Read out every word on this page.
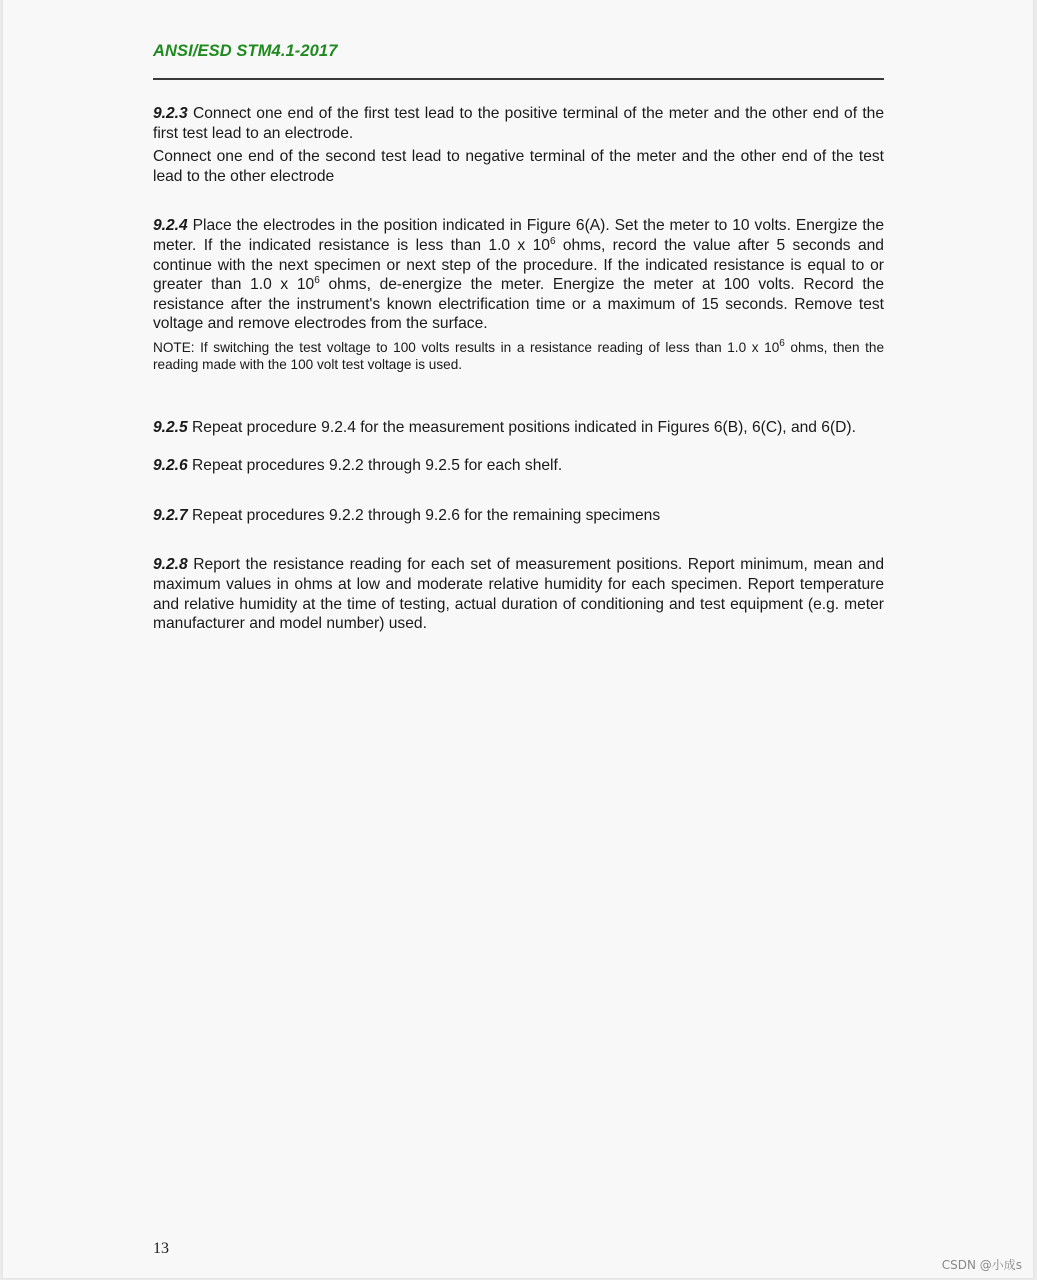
ANSI/ESD STM4.1-2017

9.2.3 Connect one end of the first test lead to the positive terminal of the meter and the other end of the first test lead to an electrode.

Connect one end of the second test lead to negative terminal of the meter and the other end of the test lead to the other electrode

9.2.4 Place the electrodes in the position indicated in Figure 6(A). Set the meter to 10 volts. Energize the meter. If the indicated resistance is less than 1.0 x $10^6$ ohms, record the value after 5 seconds and continue with the next specimen or next step of the procedure. If the indicated resistance is equal to or greater than 1.0 x $10^6$ ohms, de-energize the meter. Energize the meter at 100 volts. Record the resistance after the instrument's known electrification time or a maximum of 15 seconds. Remove test voltage and remove electrodes from the surface.

NOTE: If switching the test voltage to 100 volts results in a resistance reading of less than 1.0 x $10^6$ ohms, then the reading made with the 100 volt test voltage is used.

9.2.5 Repeat procedure 9.2.4 for the measurement positions indicated in Figures 6(B), 6(C), and 6(D).

9.2.6 Repeat procedures 9.2.2 through 9.2.5 for each shelf.

9.2.7 Repeat procedures 9.2.2 through 9.2.6 for the remaining specimens

9.2.8 Report the resistance reading for each set of measurement positions. Report minimum, mean and maximum values in ohms at low and moderate relative humidity for each specimen. Report temperature and relative humidity at the time of testing, actual duration of conditioning and test equipment (e.g. meter manufacturer and model number) used.

13
CSDN @小成s
